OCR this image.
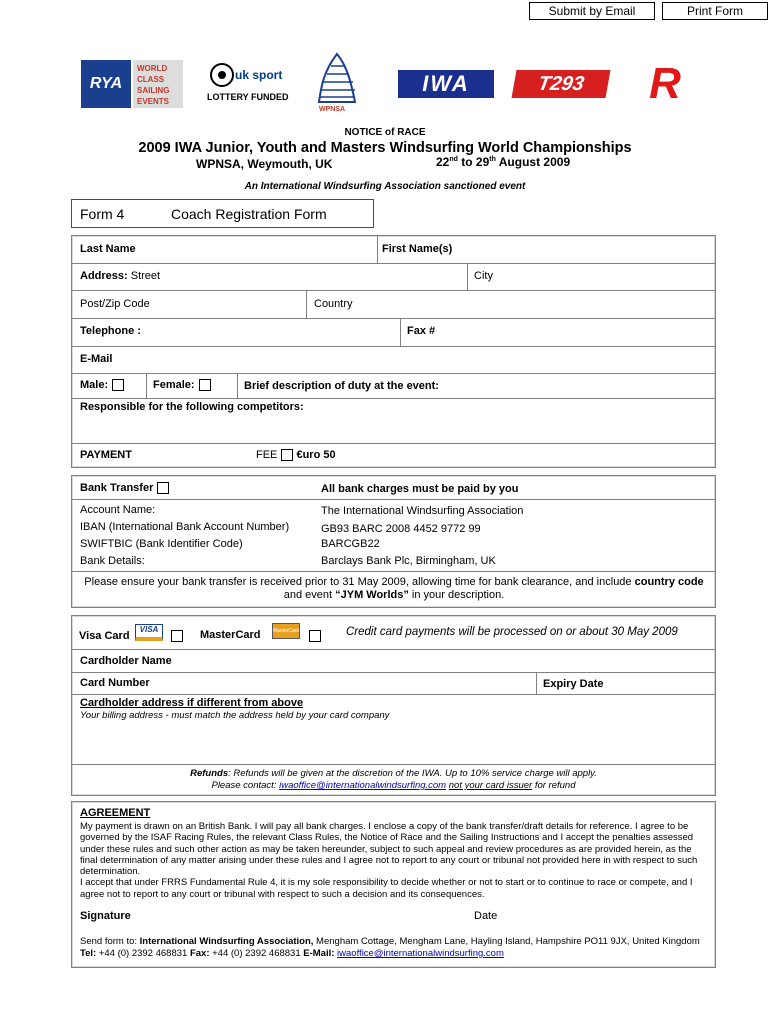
Submit by Email	Print Form
RYA
WORLD
CLASS
SAILING
EVENTS
uk sport
LOTTERY FUNDED
WPNSA
IWA	T293	R
NOTICE of RACE
2009 IWA Junior, Youth and Masters Windsurfing World Championships
WPNSA, Weymouth, UK	22nd to 29th August 2009
An International Windsurfing Association sanctioned event
Form 4	Coach Registration Form
Last Name	First Name(s)
Address: Street	City
Post/Zip Code	Country
Telephone :	Fax #
E-Mail
Male:	Female:	Brief description of duty at the event:
Responsible for the following competitors:
PAYMENT	FEE €uro 50
Bank Transfer	All bank charges must be paid by you
Account Name:	The International Windsurfing Association
IBAN (International Bank Account Number)	GB93 BARC 2008 4452 9772 99
SWIFTBIC (Bank Identifier Code)	BARCGB22
Bank Details:	Barclays Bank Plc, Birmingham, UK
Please ensure your bank transfer is received prior to 31 May 2009, allowing time for bank clearance, and include country code and event “JYM Worlds” in your description.
Visa Card
VISA	MasterCard MasterCard	Credit card payments will be processed on or about 30 May 2009
Cardholder Name
Card Number	Expiry Date
Cardholder address if different from above
Your billing address - must match the address held by your card company
Refunds: Refunds will be given at the discretion of the IWA. Up to 10% service charge will apply.
Please contact: iwaoffice@internationalwindsurfing.com not your card issuer for refund
AGREEMENT
My payment is drawn on an British Bank. I will pay all bank charges. I enclose a copy of the bank transfer/draft details for reference. I agree to be governed by the ISAF Racing Rules, the relevant Class Rules, the Notice of Race and the Sailing Instructions and I accept the penalties assessed under these rules and such other action as may be taken hereunder, subject to such appeal and review procedures as are provided herein, as the final determination of any matter arising under these rules and I agree not to report to any court or tribunal not provided here in with respect to such determination.
I accept that under FRRS Fundamental Rule 4, it is my sole responsibility to decide whether or not to start or to continue to race or compete, and I agree not to report to any court or tribunal with respect to such a decision and its consequences.
Signature	Date
Send form to: International Windsurfing Association, Mengham Cottage, Mengham Lane, Hayling Island, Hampshire PO11 9JX, United Kingdom Tel: +44 (0) 2392 468831 Fax: +44 (0) 2392 468831 E-Mail: iwaoffice@internationalwindsurfing.com
